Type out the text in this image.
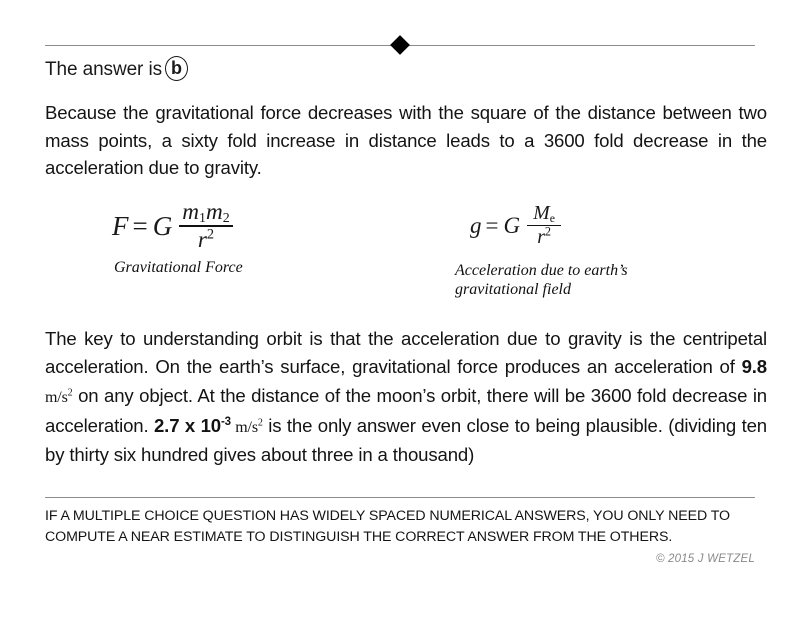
The answer is b
Because the gravitational force decreases with the square of the distance between two mass points, a sixty fold increase in distance leads to a 3600 fold decrease in the acceleration due to gravity.
F = G $\frac{m_1m_2}{r^2}$
Gravitational Force
g = G $\frac{M_e}{r^2}$
Acceleration due to earth’s gravitational field
The key to understanding orbit is that the acceleration due to gravity is the centripetal acceleration. On the earth’s surface, gravitational force produces an acceleration of 9.8 $m/s^2$ on any object. At the distance of the moon’s orbit, there will be 3600 fold decrease in acceleration. 2.7 x $10^{-3}$ $m/s^2$ is the only answer even close to being plausible. (dividing ten by thirty six hundred gives about three in a thousand)
IF A MULTIPLE CHOICE QUESTION HAS WIDELY SPACED NUMERICAL ANSWERS, YOU ONLY NEED TO COMPUTE A NEAR ESTIMATE TO DISTINGUISH THE CORRECT ANSWER FROM THE OTHERS.
© 2015 J WETZEL
